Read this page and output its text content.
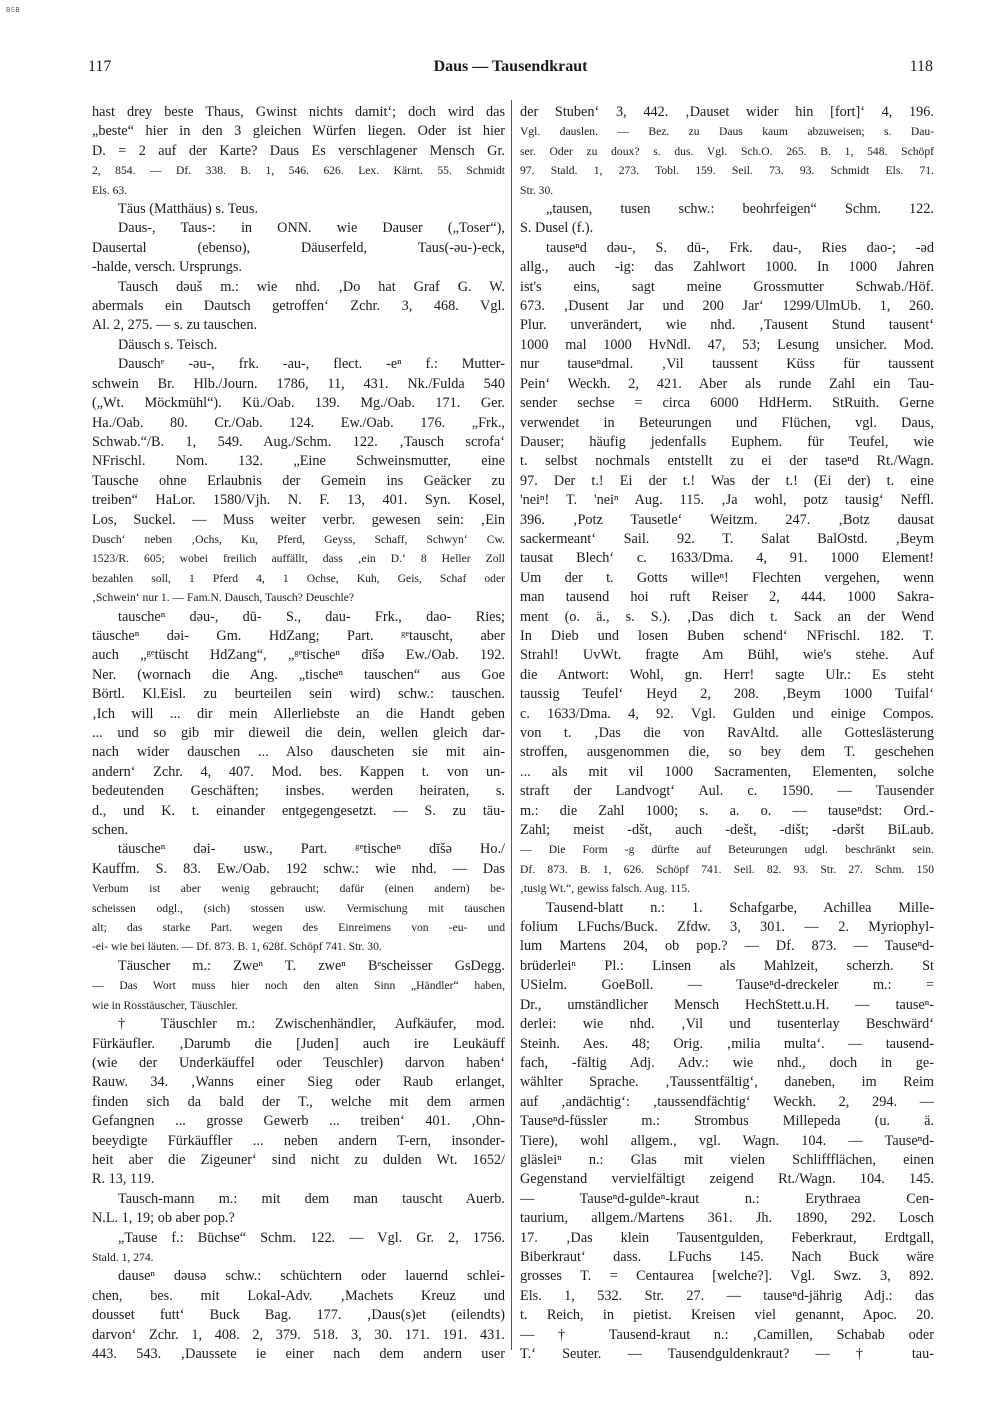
BSB
117	Daus — Tausendkraut	118
hast drey beste Thaus, Gwinst nichts damit‘; doch wird das
„beste“ hier in den 3 gleichen Würfen liegen. Oder ist hier
D. = 2 auf der Karte? Daus Es verschlagener Mensch Gr.
2, 854. — Df. 338. B. 1, 546. 626. Lex. Kärnt. 55. Schmidt
Els. 63.
Täus (Matthäus) s. Teus.
Daus-, Taus-: in ONN. wie Dauser („Toser“),
Dausertal (ebenso), Däuserfeld, Taus(-əu-)-eck,
-halde, versch. Ursprungs.
Tausch dəuš m.: wie nhd. ‚Do hat Graf G. W.
abermals ein Dautsch getroffen‘ Zchr. 3, 468. Vgl.
Al. 2, 275. — s. zu tauschen.
Däusch s. Teisch.
Dauschᵉ -əu-, frk. -au-, flect. -eⁿ f.: Mutter-
schwein Br. Hlb./Journ. 1786, 11, 431. Nk./Fulda 540
(„Wt. Möckmühl“). Kü./Oab. 139. Mg./Oab. 171. Ger.
Ha./Oab. 80. Cr./Oab. 124. Ew./Oab. 176. „Frk.,
Schwab.“/B. 1, 549. Aug./Schm. 122. ‚Tausch scrofa‘
NFrischl. Nom. 132. „Eine Schweinsmutter, eine
Tausche ohne Erlaubnis der Gemein ins Geäcker zu
treiben“ HaLor. 1580/Vjh. N. F. 13, 401. Syn. Kosel,
Los, Suckel. — Muss weiter verbr. gewesen sein: ‚Ein
Dusch‘ neben ‚Ochs, Ku, Pferd, Geyss, Schaff, Schwyn‘ Cw.
1523/R. 605; wobei freilich auffällt, dass ‚ein D.‘ 8 Heller Zoll
bezahlen soll, 1 Pferd 4, 1 Ochse, Kuh, Geis, Schaf oder
‚Schwein‘ nur 1. — Fam.N. Dausch, Tausch? Deuschle?
tauscheⁿ dəu-, dū- S., dau- Frk., dao- Ries;
täuscheⁿ dəi- Gm. HdZang; Part. ᵍᵉtauscht, aber
auch „ᵍᵉtüscht HdZang“, „ᵍᵉtischeⁿ dīšə Ew./Oab. 192.
Ner. (wornach die Ang. „tischeⁿ tauschen“ aus Goe
Börtl. Kl.Eisl. zu beurteilen sein wird) schw.: tauschen.
‚Ich will ... dir mein Allerliebste an die Handt geben
... und so gib mir dieweil die dein, wellen gleich dar-
nach wider dauschen ... Also dauscheten sie mit ain-
andern‘ Zchr. 4, 407. Mod. bes. Kappen t. von un-
bedeutenden Geschäften; insbes. werden heiraten, s.
d., und K. t. einander entgegengesetzt. — S. zu täu-
schen.
täuscheⁿ dəi- usw., Part. ᵍᵉtischeⁿ dīšə Ho./
Kauffm. S. 83. Ew./Oab. 192 schw.: wie nhd. — Das
Verbum ist aber wenig gebraucht; dafür (einen andern) be-
scheissen odgl., (sich) stossen usw. Vermischung mit tauschen
alt; das starke Part. wegen des Einreimens von -eu- und
-ei- wie bei läuten. — Df. 873. B. 1, 628f. Schöpf 741. Str. 30.
Täuscher m.: Zweⁿ T. zweⁿ Bᵉscheisser GsDegg.
— Das Wort muss hier noch den alten Sinn „Händler“ haben,
wie in Rosstäuscher, Täuschler.
† Täuschler m.: Zwischenhändler, Aufkäufer, mod.
Fürkäufler. ‚Darumb die [Juden] auch ire Leukäuff
(wie der Underkäuffel oder Teuschler) darvon haben‘
Rauw. 34. ‚Wanns einer Sieg oder Raub erlanget,
finden sich da bald der T., welche mit dem armen
Gefangnen ... grosse Gewerb ... treiben‘ 401. ‚Ohn-
beeydigte Fürkäuffler ... neben andern T-ern, insonder-
heit aber die Zigeuner‘ sind nicht zu dulden Wt. 1652/
R. 13, 119.
Tausch-mann m.: mit dem man tauscht Auerb.
N.L. 1, 19; ob aber pop.?
„Tause f.: Büchse“ Schm. 122. — Vgl. Gr. 2, 1756.
Stald. 1, 274.
dauseⁿ dəusə schw.: schüchtern oder lauernd schlei-
chen, bes. mit Lokal-Adv. ‚Machets Kreuz und
dousset futt‘ Buck Bag. 177. ‚Daus(s)et (eilendts)
darvon‘ Zchr. 1, 408. 2, 379. 518. 3, 30. 171. 191. 431.
443. 543. ‚Daussete ie einer nach dem andern user
der Stuben‘ 3, 442. ‚Dauset wider hin [fort]‘ 4, 196.
Vgl. dauslen. — Bez. zu Daus kaum abzuweisen; s. Dau-
ser. Oder zu doux? s. dus. Vgl. Sch.O. 265. B. 1, 548. Schöpf
97. Stald. 1, 273. Tobl. 159. Seil. 73. 93. Schmidt Els. 71.
Str. 30.
„tausen, tusen schw.: beohrfeigen“ Schm. 122.
S. Dusel (f.).
tauseⁿd dəu-, S. dū-, Frk. dau-, Ries dao-; -əd
allg., auch -ig: das Zahlwort 1000. In 1000 Jahren
ist's eins, sagt meine Grossmutter Schwab./Höf.
673. ‚Dusent Jar und 200 Jar‘ 1299/UlmUb. 1, 260.
Plur. unverändert, wie nhd. ‚Tausent Stund tausent‘
1000 mal 1000 HvNdl. 47, 53; Lesung unsicher. Mod.
nur tauseⁿdmal. ‚Vil taussent Küss für taussent
Pein‘ Weckh. 2, 421. Aber als runde Zahl ein Tau-
sender sechse = circa 6000 HdHerm. StRuith. Gerne
verwendet in Beteurungen und Flüchen, vgl. Daus,
Dauser; häufig jedenfalls Euphem. für Teufel, wie
t. selbst nochmals entstellt zu ei der taseⁿd Rt./Wagn.
97. Der t.! Ei der t.! Was der t.! (Ei der) t. eine
'neiⁿ! T. 'neiⁿ Aug. 115. ‚Ja wohl, potz tausig‘ Neffl.
396. ‚Potz Tausetle‘ Weitzm. 247. ‚Botz dausat
sackermeant‘ Sail. 92. T. Salat BalOstd. ‚Beym
tausat Blech‘ c. 1633/Dma. 4, 91. 1000 Element!
Um der t. Gotts willeⁿ! Flechten vergehen, wenn
man tausend hoi ruft Reiser 2, 444. 1000 Sakra-
ment (o. ä., s. S.). ‚Das dich t. Sack an der Wend
In Dieb und losen Buben schend‘ NFrischl. 182. T.
Strahl! UvWt. fragte Am Bühl, wie's stehe. Auf
die Antwort: Wohl, gn. Herr! sagte Ulr.: Es steht
taussig Teufel‘ Heyd 2, 208. ‚Beym 1000 Tuifal‘
c. 1633/Dma. 4, 92. Vgl. Gulden und einige Compos.
von t. ‚Das die von RavAltd. alle Gotteslästerung
stroffen, ausgenommen die, so bey dem T. geschehen
... als mit vil 1000 Sacramenten, Elementen, solche
straft der Landvogt‘ Aul. c. 1590. — Tausender
m.: die Zahl 1000; s. a. o. — tauseⁿdst: Ord.-
Zahl; meist -dšt, auch -dešt, -dišt; -dəršt BiLaub.
— Die Form -g dürfte auf Beteurungen udgl. beschränkt sein.
Df. 873. B. 1, 626. Schöpf 741. Seil. 82. 93. Str. 27. Schm. 150
‚tusig Wt.“, gewiss falsch. Aug. 115.
Tausend-blatt n.: 1. Schafgarbe, Achillea Mille-
folium LFuchs/Buck. Zfdw. 3, 301. — 2. Myriophyl-
lum Martens 204, ob pop.? — Df. 873. — Tauseⁿd-
brüderleiⁿ Pl.: Linsen als Mahlzeit, scherzh. St
USielm. GoeBoll. — Tauseⁿd-dreckeler m.: =
Dr., umständlicher Mensch HechStett.u.H. — tauseⁿ-
derlei: wie nhd. ‚Vil und tusenterlay Beschwärd‘
Steinh. Aes. 48; Orig. ‚milia multa‘. — tausend-
fach, -fältig Adj. Adv.: wie nhd., doch in ge-
wählter Sprache. ‚Taussentfältig‘, daneben, im Reim
auf ‚andächtig‘: ‚taussendfächtig‘ Weckh. 2, 294. —
Tauseⁿd-füssler m.: Strombus Millepeda (u. ä.
Tiere), wohl allgem., vgl. Wagn. 104. — Tauseⁿd-
gläsleiⁿ n.: Glas mit vielen Schliffflächen, einen
Gegenstand vervielfältigt zeigend Rt./Wagn. 104. 145.
— Tauseⁿd-guldeⁿ-kraut n.: Erythraea Cen-
taurium, allgem./Martens 361. Jh. 1890, 292. Losch
17. ‚Das klein Tausentgulden, Feberkraut, Erdtgall,
Biberkraut‘ dass. LFuchs 145. Nach Buck wäre
grosses T. = Centaurea [welche?]. Vgl. Swz. 3, 892.
Els. 1, 532. Str. 27. — tauseⁿd-jährig Adj.: das
t. Reich, in pietist. Kreisen viel genannt, Apoc. 20.
— † Tausend-kraut n.: ‚Camillen, Schabab oder
T.‘ Seuter. — Tausendguldenkraut? — † tau-
